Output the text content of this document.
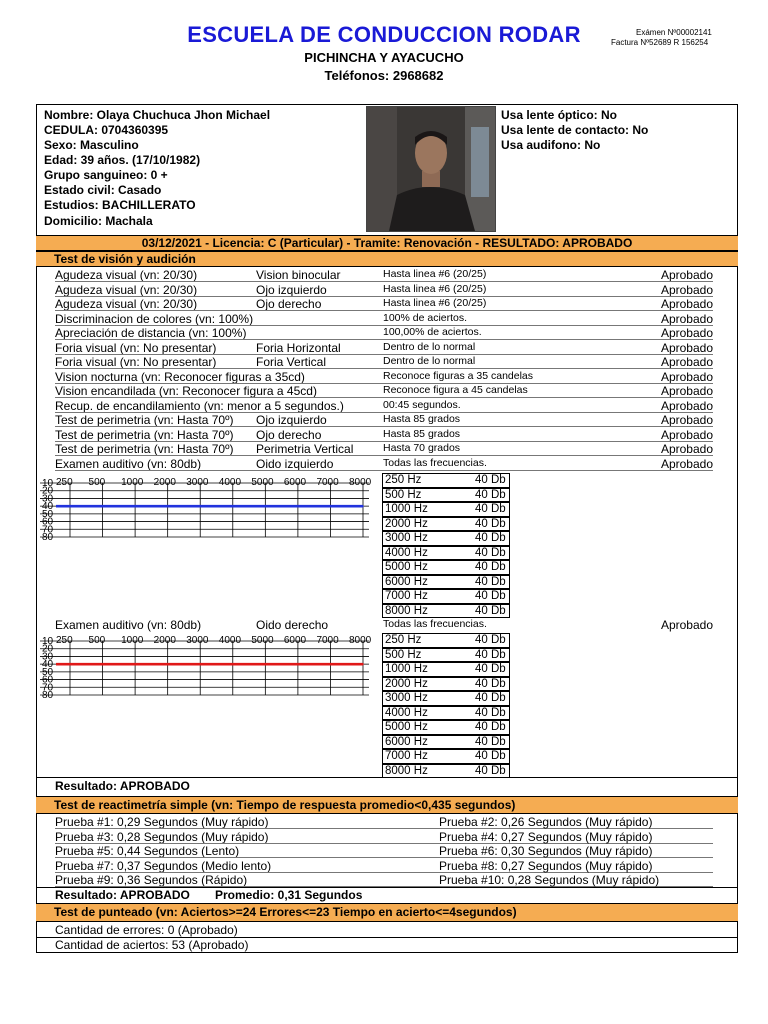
ESCUELA DE CONDUCCION RODAR	Exámen Nº00002141
Factura Nº52689 R 156254
PICHINCHA Y AYACUCHO
Teléfonos: 2968682
Nombre: Olaya Chuchuca Jhon Michael
CEDULA: 0704360395
Sexo: Masculino
Edad: 39 años. (17/10/1982)
Grupo sanguineo: 0 +
Estado civil: Casado
Estudios: BACHILLERATO
Domicilio: Machala
Usa lente óptico: No
Usa lente de contacto: No
Usa audifono: No
03/12/2021 - Licencia: C (Particular) - Tramite: Renovación - RESULTADO: APROBADO
Test de visión y audición
Agudeza visual (vn: 20/30)	Vision binocular	Hasta linea #6 (20/25)	Aprobado
Agudeza visual (vn: 20/30)	Ojo izquierdo	Hasta linea #6 (20/25)	Aprobado
Agudeza visual (vn: 20/30)	Ojo derecho	Hasta linea #6 (20/25)	Aprobado
Discriminacion de colores (vn: 100%)	100% de aciertos.	Aprobado
Apreciación de distancia (vn: 100%)	100,00% de aciertos.	Aprobado
Foria visual (vn: No presentar)	Foria Horizontal	Dentro de lo normal	Aprobado
Foria visual (vn: No presentar)	Foria Vertical	Dentro de lo normal	Aprobado
Vision nocturna (vn: Reconocer figuras a 35cd)	Reconoce figuras a 35 candelas	Aprobado
Vision encandilada (vn: Reconocer figura a 45cd)	Reconoce figura a 45 candelas	Aprobado
Recup. de encandilamiento (vn: menor a 5 segundos.)	00:45 segundos.	Aprobado
Test de perimetria (vn: Hasta 70º) Ojo izquierdo	Hasta 85 grados	Aprobado
Test de perimetria (vn: Hasta 70º) Ojo derecho	Hasta 85 grados	Aprobado
Test de perimetria (vn: Hasta 70º) Perimetria Vertical	Hasta 70 grados	Aprobado
Examen auditivo (vn: 80db)	Oido izquierdo	Todas las frecuencias.	Aprobado
10
20
30
40
50
60
70
80
250 500 1000 2000 3000 4000 5000 6000 7000 8000 250 Hz	40 Db
500 Hz	40 Db
1000 Hz	40 Db
2000 Hz	40 Db
3000 Hz	40 Db
4000 Hz	40 Db
5000 Hz	40 Db
6000 Hz	40 Db
7000 Hz	40 Db
8000 Hz	40 Db
Examen auditivo (vn: 80db)	Oido derecho	Todas las frecuencias.	Aprobado
10
20
30
40
50
60
70
80
250 500 1000 2000 3000 4000 5000 6000 7000 8000 250 Hz	40 Db
500 Hz	40 Db
1000 Hz	40 Db
2000 Hz	40 Db
3000 Hz	40 Db
4000 Hz	40 Db
5000 Hz	40 Db
6000 Hz	40 Db
7000 Hz	40 Db
8000 Hz	40 Db
Resultado: APROBADO
Test de reactimetría simple (vn: Tiempo de respuesta promedio<0,435 segundos)
Prueba #1: 0,29 Segundos (Muy rápido)	Prueba #2: 0,26 Segundos (Muy rápido)
Prueba #3: 0,28 Segundos (Muy rápido)	Prueba #4: 0,27 Segundos (Muy rápido)
Prueba #5: 0,44 Segundos (Lento)	Prueba #6: 0,30 Segundos (Muy rápido)
Prueba #7: 0,37 Segundos (Medio lento)	Prueba #8: 0,27 Segundos (Muy rápido)
Prueba #9: 0,36 Segundos (Rápido)	Prueba #10: 0,28 Segundos (Muy rápido)
Resultado: APROBADO Promedio: 0,31 Segundos
Test de punteado (vn: Aciertos>=24 Errores<=23 Tiempo en acierto<=4segundos)
Cantidad de errores: 0 (Aprobado)
Cantidad de aciertos: 53 (Aprobado)
